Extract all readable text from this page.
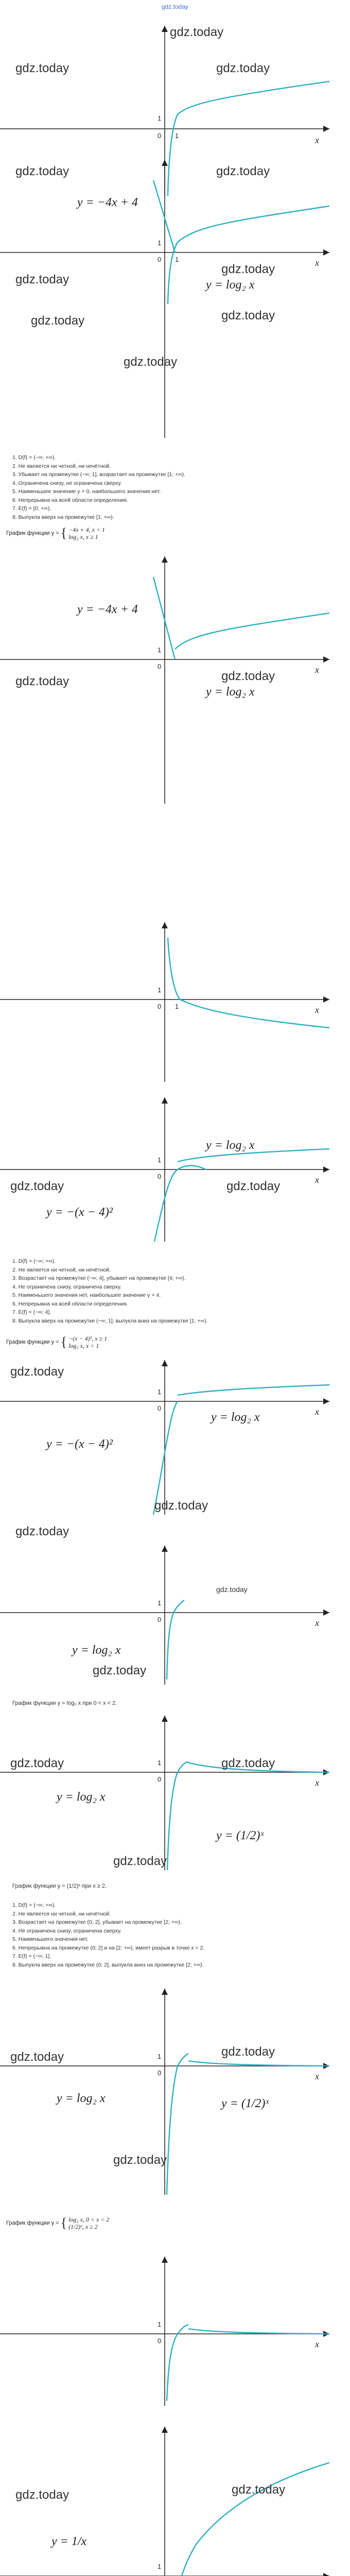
gdz.today
1
0 1	x
gdz.today
gdz.today	gdz.today
gdz.today	gdz.today
1
0 1	x
y = −4x + 4
y = log₂ x
gdz.today
gdz.today
gdz.today	gdz.today
gdz.today
1. D(f) = (−∞; +∞).
2. Не является ни четной, ни нечётной.
3. Убывает на промежутке (−∞; 1], возрастает на промежутке [1; +∞).
4. Ограничена снизу, не ограничена сверху.
5. Наименьшее значение y = 0, наибольшего значения нет.
6. Непрерывна на всей области определения.
7. E(f) = [0; +∞).
8. Выпукла вверх на промежутке [1; +∞).
График функции y = { −4x + 4, x < 1
log₂ x, x ≥ 1
1
0	x
y = −4x + 4
y = log₂ x
gdz.today	gdz.today
1
0 1	x
1
0	x
y = −(x − 4)²
y = log₂ x
gdz.today	gdz.today
1. D(f) = (−∞; +∞).
2. Не является ни четной, ни нечётной.
3. Возрастает на промежутке (−∞; 4], убывает на промежутке [4; +∞).
4. Не ограничена снизу, ограничена сверху.
5. Наименьшего значения нет, наибольшее значение y = 4.
6. Непрерывна на всей области определения.
7. E(f) = (−∞; 4].
8. Выпукла вверх на промежутке (−∞; 1], выпукла вниз на промежутке [1; +∞).
График функции y = { −(x − 4)², x ≥ 1
log₂ x, x < 1
1
0	x
y = −(x − 4)²
y = log₂ x
gdz.today
gdz.today
1
0	x
y = log₂ x
gdz.today
gdz.today
gdz.today
График функции y = log₂ x при 0 < x < 2.
1
0	x
y = log₂ x
y = (1/2)ˣ
gdz.today	gdz.today
gdz.today
График функции y = (1/2)ˣ при x ≥ 2.
1. D(f) = (−∞; +∞).
2. Не является ни четной, ни нечётной.
3. Возрастает на промежутке (0; 2], убывает на промежутке [2; +∞).
4. Не ограничена снизу, ограничена сверху.
5. Наименьшего значения нет.
6. Непрерывна на промежутке (0; 2] и на [2; +∞), имеет разрыв в точке x = 2.
7. E(f) = (−∞; 1].
8. Выпукла вверх на промежутке (0; 2], выпукла вниз на промежутке [2; +∞).
1
0	x
y = log₂ x	y = (1/2)ˣ
gdz.today	gdz.today
gdz.today
График функции y = { log₂ x, 0 < x < 2
(1/2)ˣ, x ≥ 2
1
0	x
1
y = 1/x
gdz.today	gdz.today
